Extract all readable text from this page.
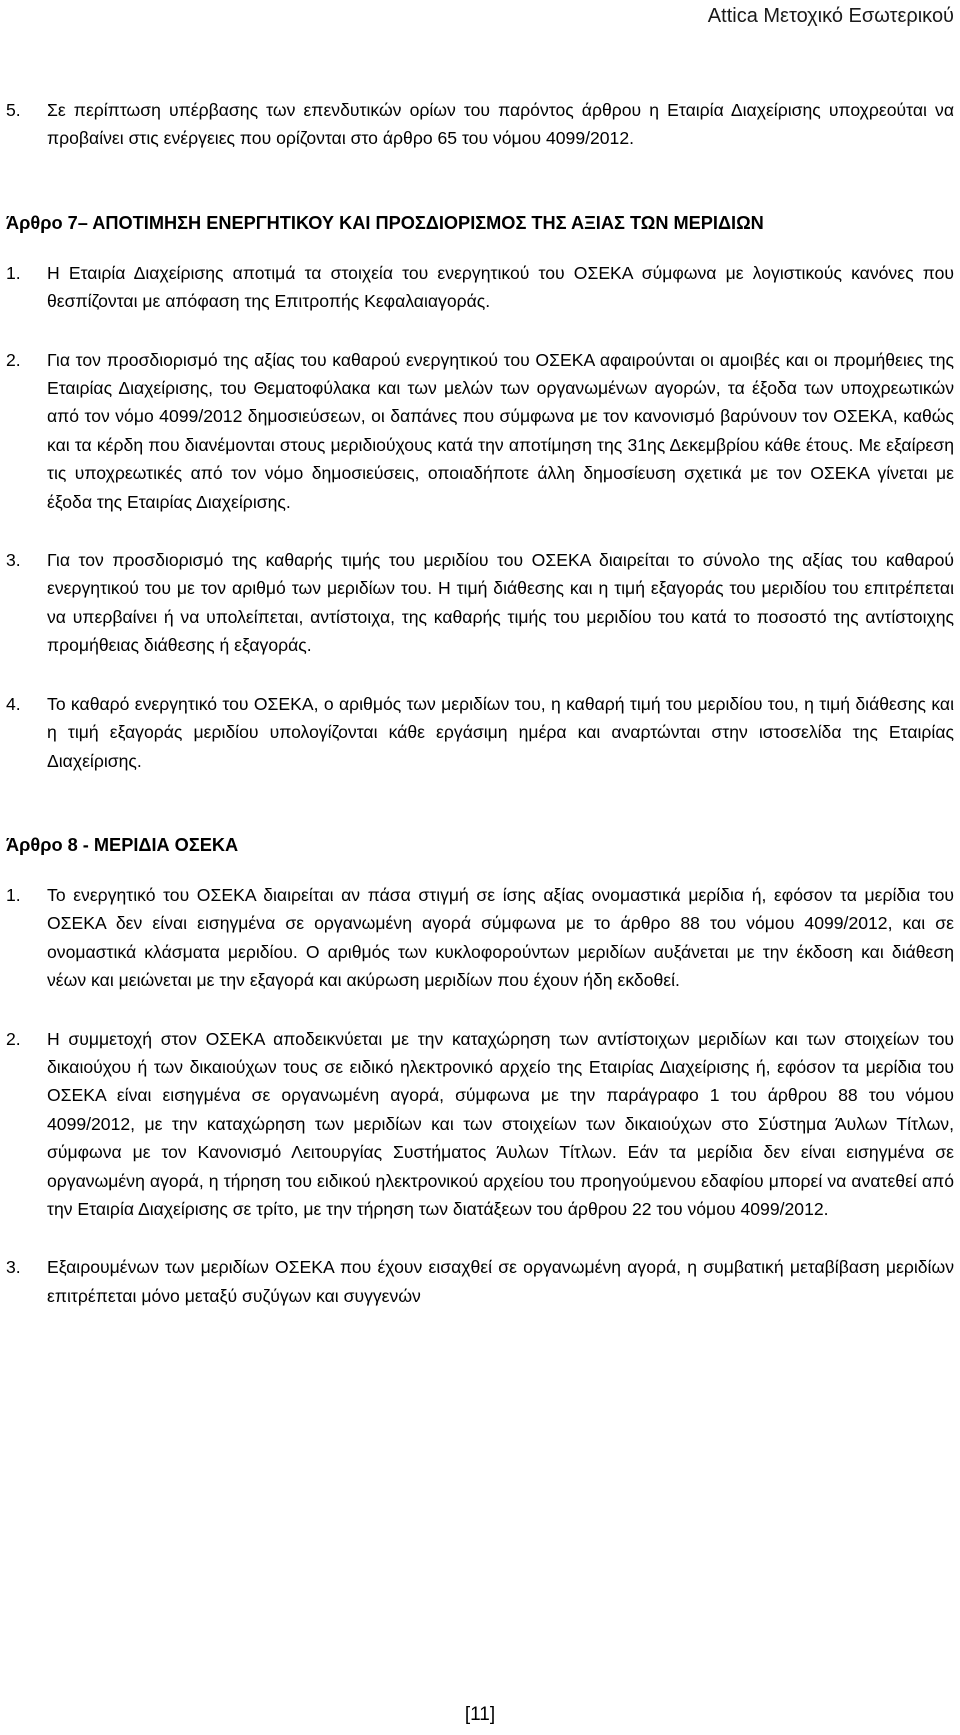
Attica Μετοχικό Εσωτερικού
5.	Σε περίπτωση υπέρβασης των επενδυτικών ορίων του παρόντος άρθρου η Εταιρία Διαχείρισης υποχρεούται να προβαίνει στις ενέργειες που ορίζονται στο άρθρο 65 του νόμου 4099/2012.
Άρθρο 7– ΑΠΟΤΙΜΗΣΗ ΕΝΕΡΓΗΤΙΚΟΥ ΚΑΙ ΠΡΟΣΔΙΟΡΙΣΜΟΣ ΤΗΣ ΑΞΙΑΣ ΤΩΝ ΜΕΡΙΔΙΩΝ
1.	Η Εταιρία Διαχείρισης αποτιμά τα στοιχεία του ενεργητικού του ΟΣΕΚΑ σύμφωνα με λογιστικούς κανόνες που θεσπίζονται με απόφαση της Επιτροπής Κεφαλαιαγοράς.
2.	Για τον προσδιορισμό της αξίας του καθαρού ενεργητικού του ΟΣΕΚΑ αφαιρούνται οι αμοιβές και οι προμήθειες της Εταιρίας Διαχείρισης, του Θεματοφύλακα και των μελών των οργανωμένων αγορών, τα έξοδα των υποχρεωτικών από τον νόμο 4099/2012 δημοσιεύσεων, οι δαπάνες που σύμφωνα με τον κανονισμό βαρύνουν τον ΟΣΕΚΑ, καθώς και τα κέρδη που διανέμονται στους μεριδιούχους κατά την αποτίμηση της 31ης Δεκεμβρίου κάθε έτους. Με εξαίρεση τις υποχρεωτικές από τον νόμο δημοσιεύσεις, οποιαδήποτε άλλη δημοσίευση σχετικά με τον ΟΣΕΚΑ γίνεται με έξοδα της Εταιρίας Διαχείρισης.
3.	Για τον προσδιορισμό της καθαρής τιμής του μεριδίου του ΟΣΕΚΑ διαιρείται το σύνολο της αξίας του καθαρού ενεργητικού του με τον αριθμό των μεριδίων του. Η τιμή διάθεσης και η τιμή εξαγοράς του μεριδίου του επιτρέπεται να υπερβαίνει ή να υπολείπεται, αντίστοιχα, της καθαρής τιμής του μεριδίου του κατά το ποσοστό της αντίστοιχης προμήθειας διάθεσης ή εξαγοράς.
4.	Το καθαρό ενεργητικό του ΟΣΕΚΑ, ο αριθμός των μεριδίων του, η καθαρή τιμή του μεριδίου του, η τιμή διάθεσης και η τιμή εξαγοράς μεριδίου υπολογίζονται κάθε εργάσιμη ημέρα και αναρτώνται στην ιστοσελίδα της Εταιρίας Διαχείρισης.
Άρθρο 8 - ΜΕΡΙΔΙΑ ΟΣΕΚΑ
1.	Το ενεργητικό του ΟΣΕΚΑ διαιρείται αν πάσα στιγμή σε ίσης αξίας ονομαστικά μερίδια ή, εφόσον τα μερίδια του ΟΣΕΚΑ δεν είναι εισηγμένα σε οργανωμένη αγορά σύμφωνα με το άρθρο 88 του νόμου 4099/2012, και σε ονομαστικά κλάσματα μεριδίου. Ο αριθμός των κυκλοφορούντων μεριδίων αυξάνεται με την έκδοση και διάθεση νέων και μειώνεται με την εξαγορά και ακύρωση μεριδίων που έχουν ήδη εκδοθεί.
2.	Η συμμετοχή στον ΟΣΕΚΑ αποδεικνύεται με την καταχώρηση των αντίστοιχων μεριδίων και των στοιχείων του δικαιούχου ή των δικαιούχων τους σε ειδικό ηλεκτρονικό αρχείο της Εταιρίας Διαχείρισης ή, εφόσον τα μερίδια του ΟΣΕΚΑ είναι εισηγμένα σε οργανωμένη αγορά, σύμφωνα με την παράγραφο 1 του άρθρου 88 του νόμου 4099/2012, με την καταχώρηση των μεριδίων και των στοιχείων των δικαιούχων στο Σύστημα Άυλων Τίτλων, σύμφωνα με τον Κανονισμό Λειτουργίας Συστήματος Άυλων Τίτλων. Εάν τα μερίδια δεν είναι εισηγμένα σε οργανωμένη αγορά, η τήρηση του ειδικού ηλεκτρονικού αρχείου του προηγούμενου εδαφίου μπορεί να ανατεθεί από την Εταιρία Διαχείρισης σε τρίτο, με την τήρηση των διατάξεων του άρθρου 22 του νόμου 4099/2012.
3.	Εξαιρουμένων των μεριδίων ΟΣΕΚΑ που έχουν εισαχθεί σε οργανωμένη αγορά, η συμβατική μεταβίβαση μεριδίων επιτρέπεται μόνο μεταξύ συζύγων και συγγενών
[11]
